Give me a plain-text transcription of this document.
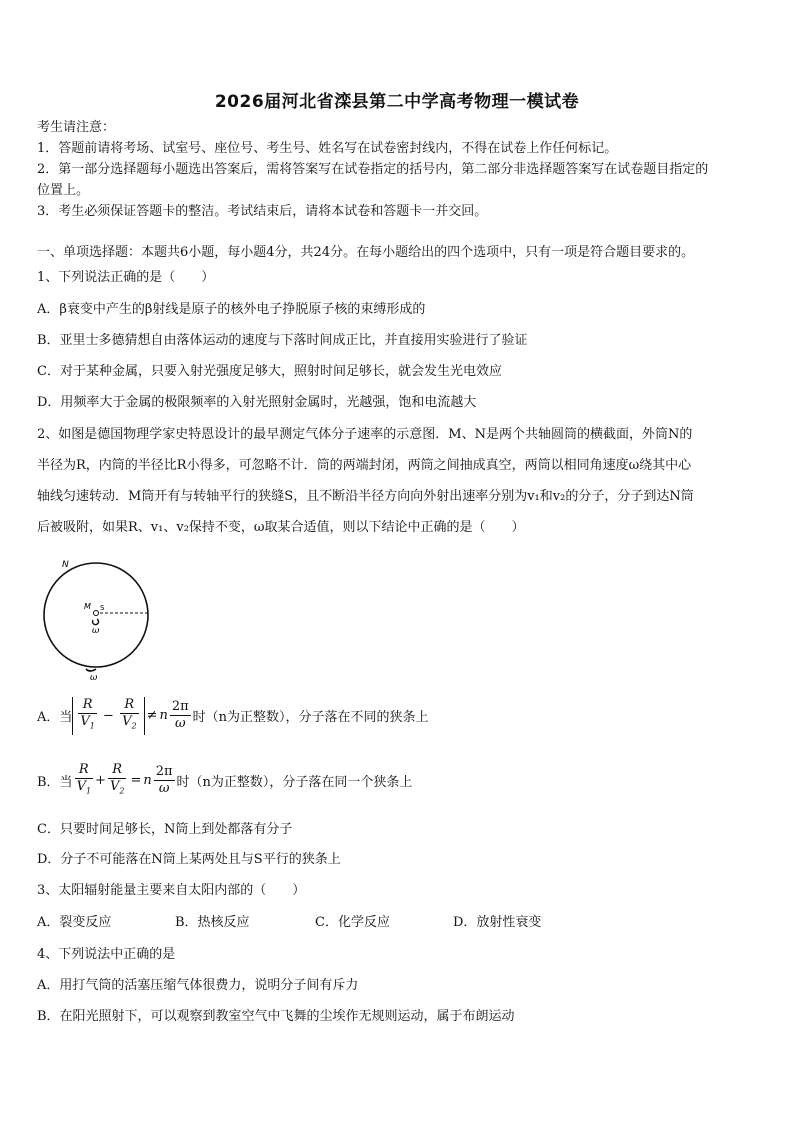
2026届河北省滦县第二中学高考物理一模试卷
考生请注意：
1．答题前请将考场、试室号、座位号、考生号、姓名写在试卷密封线内，不得在试卷上作任何标记。
2．第一部分选择题每小题选出答案后，需将答案写在试卷指定的括号内，第二部分非选择题答案写在试卷题目指定的
位置上。
3．考生必须保证答题卡的整洁。考试结束后，请将本试卷和答题卡一并交回。
一、单项选择题：本题共6小题，每小题4分，共24分。在每小题给出的四个选项中，只有一项是符合题目要求的。
1、下列说法正确的是（　　）
A．β衰变中产生的β射线是原子的核外电子挣脱原子核的束缚形成的
B．亚里士多德猜想自由落体运动的速度与下落时间成正比，并直接用实验进行了验证
C．对于某种金属，只要入射光强度足够大，照射时间足够长，就会发生光电效应
D．用频率大于金属的极限频率的入射光照射金属时，光越强，饱和电流越大
2、如图是德国物理学家史特恩设计的最早测定气体分子速率的示意图．M、N是两个共轴圆筒的横截面，外筒N的
半径为R，内筒的半径比R小得多，可忽略不计．筒的两端封闭，两筒之间抽成真空，两筒以相同角速度ω绕其中心
轴线匀速转动．M筒开有与转轴平行的狭缝S，且不断沿半径方向向外射出速率分别为v₁和v₂的分子，分子到达N筒
后被吸附，如果R、v₁、v₂保持不变，ω取某合适值，则以下结论中正确的是（　　）
N
M S
ω
ω
A．当 $\frac{R}{V_1} - \frac{R}{V_2} \ne n \frac{2\pi}{\omega}$ 时（n为正整数），分子落在不同的狭条上
B．当 $\frac{R}{V_1} + \frac{R}{V_2} = n \frac{2\pi}{\omega}$ 时（n为正整数），分子落在同一个狭条上
C．只要时间足够长，N筒上到处都落有分子
D．分子不可能落在N筒上某两处且与S平行的狭条上
3、太阳辐射能量主要来自太阳内部的（　　）
A．裂变反应	B．热核反应	C．化学反应	D．放射性衰变
4、下列说法中正确的是
A．用打气筒的活塞压缩气体很费力，说明分子间有斥力
B．在阳光照射下，可以观察到教室空气中飞舞的尘埃作无规则运动，属于布朗运动
